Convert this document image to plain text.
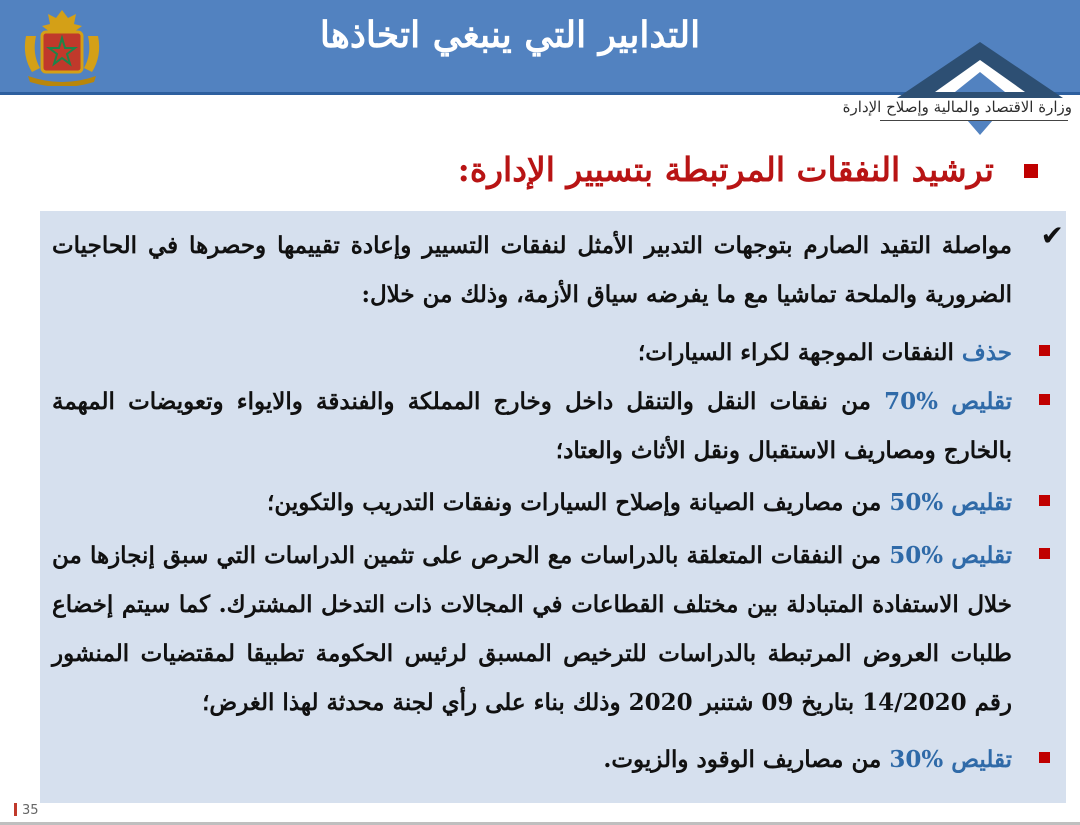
التدابير التي ينبغي اتخاذها
وزارة الاقتصاد والمالية وإصلاح الإدارة
ترشيد النفقات المرتبطة بتسيير الإدارة:
✔
مواصلة التقيد الصارم بتوجهات التدبير الأمثل لنفقات التسيير وإعادة تقييمها وحصرها في الحاجيات الضرورية والملحة تماشيا مع ما يفرضه سياق الأزمة، وذلك من خلال:
حذف النفقات الموجهة لكراء السيارات؛
تقليص 70% من نفقات النقل والتنقل داخل وخارج المملكة والفندقة والايواء وتعويضات المهمة بالخارج ومصاريف الاستقبال ونقل الأثاث والعتاد؛
تقليص 50% من مصاريف الصيانة وإصلاح السيارات ونفقات التدريب والتكوين؛
تقليص 50% من النفقات المتعلقة بالدراسات مع الحرص على تثمين الدراسات التي سبق إنجازها من خلال الاستفادة المتبادلة بين مختلف القطاعات في المجالات ذات التدخل المشترك. كما سيتم إخضاع طلبات العروض المرتبطة بالدراسات للترخيص المسبق لرئيس الحكومة تطبيقا لمقتضيات المنشور رقم 14/2020 بتاريخ 09 شتنبر 2020 وذلك بناء على رأي لجنة محدثة لهذا الغرض؛
تقليص 30% من مصاريف الوقود والزيوت.
35
